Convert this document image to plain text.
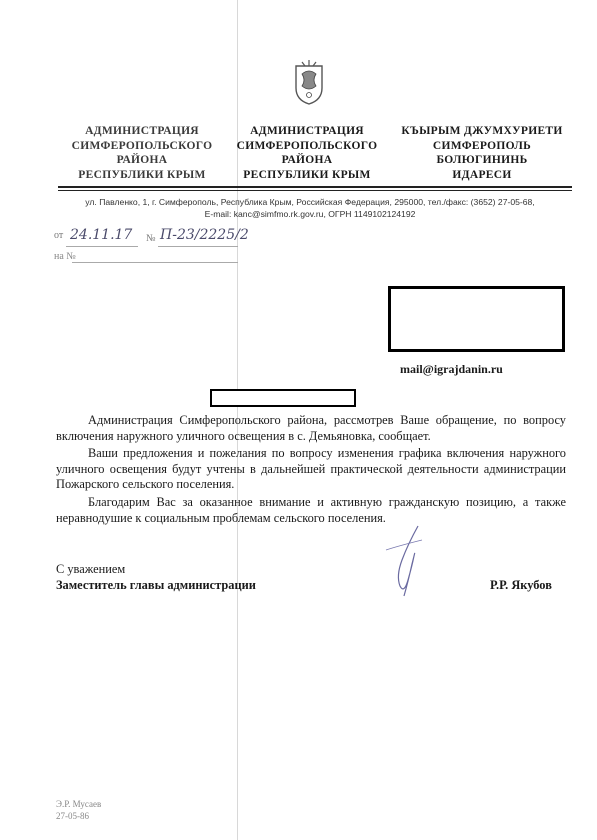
АДМИНИСТРАЦИЯ
СИМФЕРОПОЛЬСКОГО
РАЙОНА
РЕСПУБЛИКИ КРЫМ
АДМИНИСТРАЦИЯ
СИМФЕРОПОЛЬСКОГО
РАЙОНА
РЕСПУБЛИКИ КРЫМ
КЪЫРЫМ ДЖУМХУРИЕТИ
СИМФЕРОПОЛЬ
БОЛЮГИНИНЬ
ИДАРЕСИ
ул. Павленко, 1, г. Симферополь, Республика Крым, Российская Федерация, 295000, тел./факс: (3652) 27-05-68,
E-mail: kanc@simfmo.rk.gov.ru, ОГРН 1149102124192
от 24.11.17 № П-23/2225/2
на №
mail@igrajdanin.ru

Администрация Симферопольского района, рассмотрев Ваше обращение, по вопросу включения наружного уличного освещения в с. Демьяновка, сообщает.

Ваши предложения и пожелания по вопросу изменения графика включения наружного уличного освещения будут учтены в дальнейшей практической деятельности администрации Пожарского сельского поселения.

Благодарим Вас за оказанное внимание и активную гражданскую позицию, а также неравнодушие к социальным проблемам сельского поселения.

С уважением
Заместитель главы администрации	Р.Р. Якубов
Э.Р. Мусаев
27-05-86
